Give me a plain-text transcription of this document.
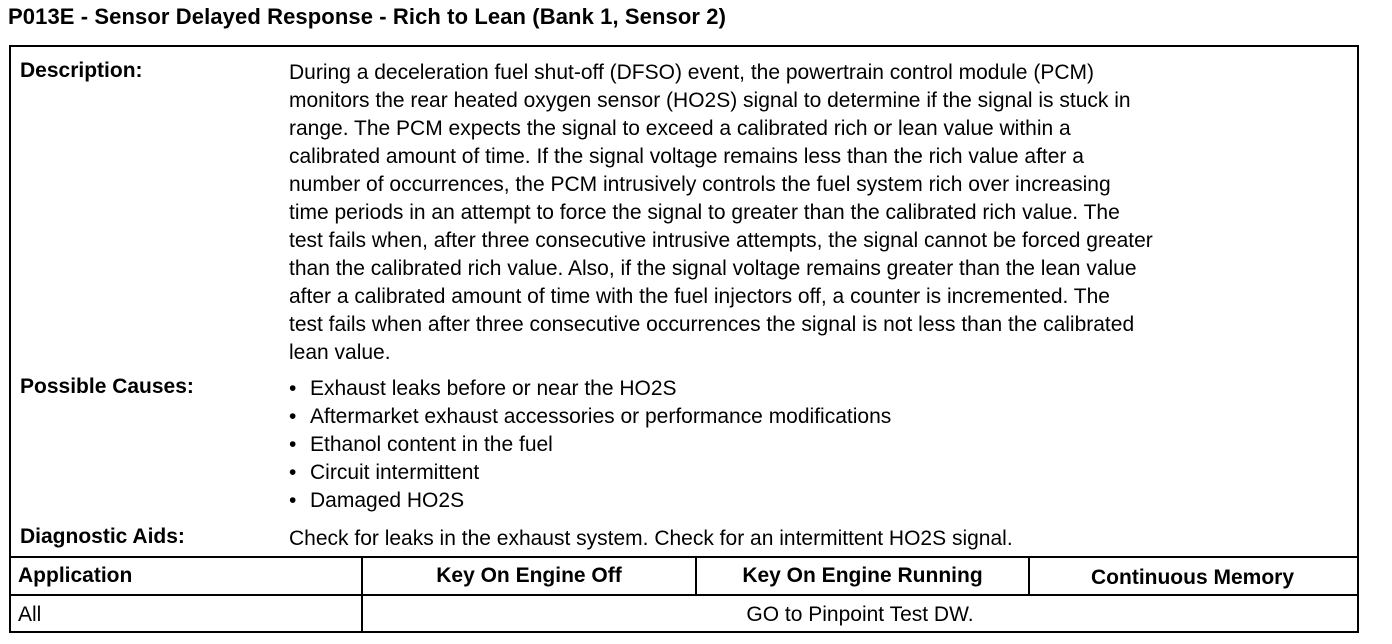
P013E - Sensor Delayed Response - Rich to Lean (Bank 1, Sensor 2)
Description:	During a deceleration fuel shut-off (DFSO) event, the powertrain control module (PCM)

monitors the rear heated oxygen sensor (HO2S) signal to determine if the signal is stuck in

range. The PCM expects the signal to exceed a calibrated rich or lean value within a

calibrated amount of time. If the signal voltage remains less than the rich value after a

number of occurrences, the PCM intrusively controls the fuel system rich over increasing

time periods in an attempt to force the signal to greater than the calibrated rich value. The

test fails when, after three consecutive intrusive attempts, the signal cannot be forced greater

than the calibrated rich value. Also, if the signal voltage remains greater than the lean value

after a calibrated amount of time with the fuel injectors off, a counter is incremented. The

test fails when after three consecutive occurrences the signal is not less than the calibrated

lean value.

Possible Causes:	• Exhaust leaks before or near the HO2S
• Aftermarket exhaust accessories or performance modifications
• Ethanol content in the fuel
• Circuit intermittent
• Damaged HO2S
Diagnostic Aids:	Check for leaks in the exhaust system. Check for an intermittent HO2S signal.
Application	Key On Engine Off	Key On Engine Running	Continuous Memory
All	GO to Pinpoint Test DW.
